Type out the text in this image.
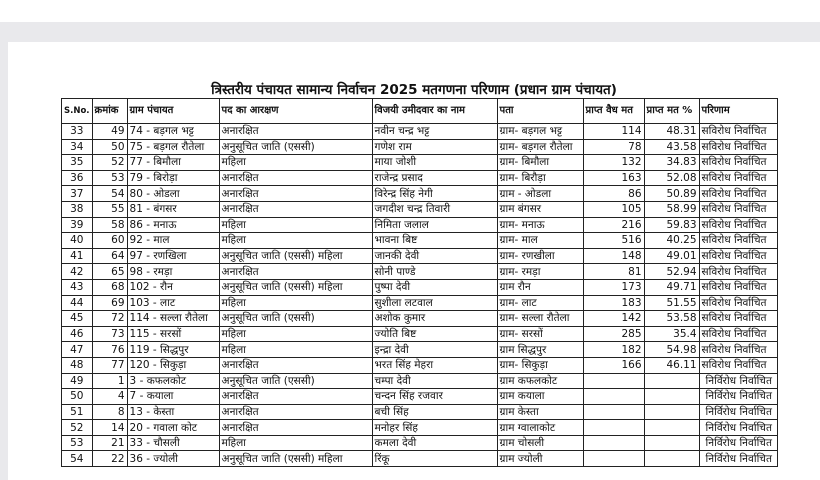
त्रिस्तरीय पंचायत सामान्य निर्वाचन 2025 मतगणना परिणाम (प्रधान ग्राम पंचायत)
S.No.	क्रमांक	ग्राम पंचायत	पद का आरक्षण	विजयी उमीदवार का नाम	पता	प्राप्त वैध मत	प्राप्त मत %	परिणाम
33	49	74 - बड़गल भट्ट	अनारक्षित	नवीन चन्द्र भट्ट	ग्राम- बड़गल भट्ट	114	48.31	सविरोध निर्वाचित
34	50	75 - बड़गल रौतेला	अनुसूचित जाति (एससी)	गणेश राम	ग्राम- बड़गल रौतेला	78	43.58	सविरोध निर्वाचित
35	52	77 - बिमौला	महिला	माया जोशी	ग्राम- बिमौला	132	34.83	सविरोध निर्वाचित
36	53	79 - बिरोड़ा	अनारक्षित	राजेन्द्र प्रसाद	ग्राम- बिरौड़ा	163	52.08	सविरोध निर्वाचित
37	54	80 - ओडला	अनारक्षित	विरेन्द्र सिंह नेगी	ग्राम - ओडला	86	50.89	सविरोध निर्वाचित
38	55	81 - बंगसर	अनारक्षित	जगदीश चन्द्र तिवारी	ग्राम बंगसर	105	58.99	सविरोध निर्वाचित
39	58	86 - मनाऊ	महिला	निमिता जलाल	ग्राम- मनाऊ	216	59.83	सविरोध निर्वाचित
40	60	92 - माल	महिला	भावना बिष्ट	ग्राम- माल	516	40.25	सविरोध निर्वाचित
41	64	97 - रणखिला	अनुसूचित जाति (एससी) महिला	जानकी देवी	ग्राम- रणखीला	148	49.01	सविरोध निर्वाचित
42	65	98 - रमड़ा	अनारक्षित	सोनी पाण्डे	ग्राम- रमड़ा	81	52.94	सविरोध निर्वाचित
43	68	102 - रौन	अनुसूचित जाति (एससी) महिला	पुष्पा देवी	ग्राम रौन	173	49.71	सविरोध निर्वाचित
44	69	103 - लाट	महिला	सुशीला लटवाल	ग्राम- लाट	183	51.55	सविरोध निर्वाचित
45	72	114 - सल्ला रौतेला	अनुसूचित जाति (एससी)	अशोक कुमार	ग्राम- सल्ला रौतेला	142	53.58	सविरोध निर्वाचित
46	73	115 - सरसों	महिला	ज्योति बिष्ट	ग्राम- सरसों	285	35.4	सविरोध निर्वाचित
47	76	119 - सिद्धपुर	महिला	इन्द्रा देवी	ग्राम सिद्धपुर	182	54.98	सविरोध निर्वाचित
48	77	120 - सिकुड़ा	अनारक्षित	भरत सिंह मेहरा	ग्राम- सिकुड़ा	166	46.11	सविरोध निर्वाचित
49	1	3 - कफलकोट	अनुसूचित जाति (एससी)	चम्पा देवी	ग्राम कफलकोट			निर्विरोध निर्वाचित
50	4	7 - कयाला	अनारक्षित	चन्दन सिंह रजवार	ग्राम कयाला			निर्विरोध निर्वाचित
51	8	13 - केस्ता	अनारक्षित	बची सिंह	ग्राम केस्ता			निर्विरोध निर्वाचित
52	14	20 - गवाला कोट	अनारक्षित	मनोहर सिंह	ग्राम ग्वालाकोट			निर्विरोध निर्वाचित
53	21	33 - चौसली	महिला	कमला देवी	ग्राम चोसली			निर्विरोध निर्वाचित
54	22	36 - ज्योली	अनुसूचित जाति (एससी) महिला	रिंकू	ग्राम ज्योली			निर्विरोध निर्वाचित
